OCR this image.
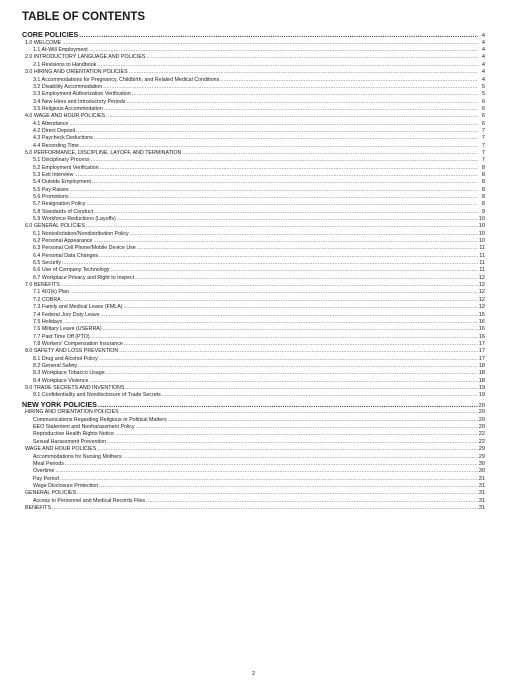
TABLE OF CONTENTS
CORE POLICIES .....	4
1.0 WELCOME .....	4
1.1 At-Will Employment .....	4
2.0 INTRODUCTORY LANGUAGE AND POLICIES .....	4
2.1 Revisions to Handbook .....	4
3.0 HIRING AND ORIENTATION POLICIES .....	4
3.1 Accommodations for Pregnancy, Childbirth, and Related Medical Conditions .....	4
3.2 Disability Accommodation .....	5
3.3 Employment Authorization Verification .....	5
3.4 New Hires and Introductory Periods .....	6
3.5 Religious Accommodation .....	6
4.0 WAGE AND HOUR POLICIES .....	6
4.1 Attendance .....	6
4.2 Direct Deposit .....	7
4.3 Paycheck Deductions .....	7
4.4 Recording Time .....	7
5.0 PERFORMANCE, DISCIPLINE, LAYOFF, AND TERMINATION .....	7
5.1 Disciplinary Process .....	7
5.2 Employment Verification .....	8
5.3 Exit Interview .....	8
5.4 Outside Employment .....	8
5.5 Pay Raises .....	8
5.6 Promotions .....	8
5.7 Resignation Policy .....	8
5.8 Standards of Conduct .....	9
5.9 Workforce Reductions (Layoffs) .....	10
6.0 GENERAL POLICIES .....	10
6.1 Nonsolicitation/Nondistribution Policy .....	10
6.2 Personal Appearance .....	10
6.3 Personal Cell Phone/Mobile Device Use .....	11
6.4 Personal Data Changes .....	11
6.5 Security .....	11
6.6 Use of Company Technology .....	11
6.7 Workplace Privacy and Right to Inspect .....	12
7.0 BENEFITS .....	12
7.1 401(k) Plan .....	12
7.2 COBRA .....	12
7.3 Family and Medical Leave (FMLA) .....	12
7.4 Federal Jury Duty Leave .....	15
7.5 Holidays .....	16
7.6 Military Leave (USERRA) .....	16
7.7 Paid Time Off (PTO) .....	16
7.8 Workers' Compensation Insurance .....	17
8.0 SAFETY AND LOSS PREVENTION .....	17
8.1 Drug and Alcohol Policy .....	17
8.2 General Safety .....	18
8.3 Workplace Tobacco Usage .....	18
8.4 Workplace Violence .....	18
9.0 TRADE SECRETS AND INVENTIONS .....	19
9.1 Confidentiality and Nondisclosure of Trade Secrets .....	19
NEW YORK POLICIES .....	20
HIRING AND ORIENTATION POLICIES .....	20
Communications Regarding Religious or Political Matters .....	20
EEO Statement and Nonharassment Policy .....	20
Reproductive Health Rights Notice .....	22
Sexual Harassment Prevention .....	22
WAGE AND HOUR POLICIES .....	29
Accommodations for Nursing Mothers .....	29
Meal Periods .....	30
Overtime .....	30
Pay Period .....	31
Wage Disclosure Protection .....	31
GENERAL POLICIES .....	31
Access to Personnel and Medical Records Files .....	31
BENEFITS .....	31
2
